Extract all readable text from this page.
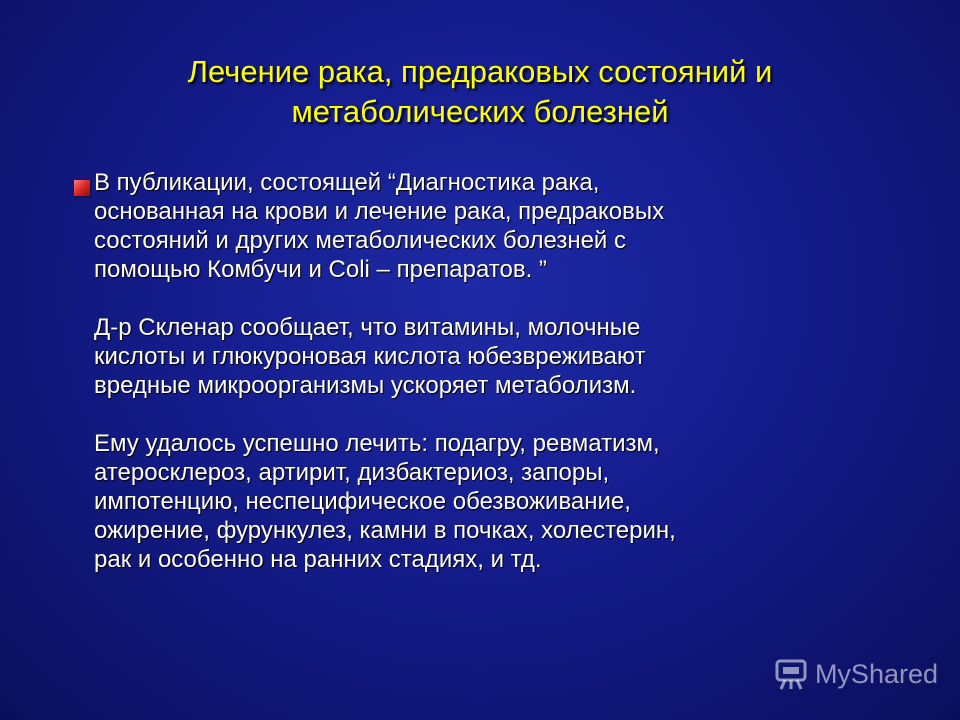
Лечение рака, предраковых состояний и
метаболических болезней
В публикации, состоящей “Диагностика рака,
основанная на крови и лечение рака, предраковых
состояний и других метаболических болезней с
помощью Комбучи и Coli – препаратов. ”
Д-р Скленар сообщает, что витамины, молочные
кислоты и глюкуроновая кислота юбезвреживают
вредные микроорганизмы ускоряет метаболизм.
Ему удалось успешно лечить: подагру, ревматизм,
атеросклероз, артирит, дизбактериоз, запоры,
импотенцию, неспецифическое обезвоживание,
ожирение, фурункулез, камни в почках, холестерин,
рак и особенно на ранних стадиях, и тд.
MyShared
